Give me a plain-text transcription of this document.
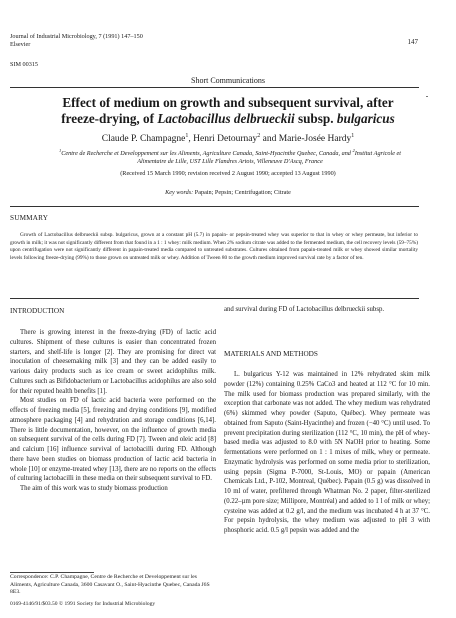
Journal of Industrial Microbiology, 7 (1991) 147–150
Elsevier	147
SIM 00315
Short Communications
Effect of medium on growth and subsequent survival, after
freeze-drying, of Lactobacillus delbrueckii subsp. bulgaricus
Claude P. Champagne$^1$, Henri Detournay$^2$ and Marie-Josée Hardy$^1$
$^1$Centre de Recherche et Developpement sur les Aliments, Agriculture Canada, Saint-Hyacinthe Quebec, Canada, and $^2$Institut Agricole et
Alimentaire de Lille, UST Lille Flandres Artois, Villeneuve D'Ascq, France
(Received 15 March 1990; revision received 2 August 1990; accepted 13 August 1990)
Key words: Papain; Pepsin; Centrifugation; Citrate
SUMMARY
Growth of Lactobacillus delbrueckii subsp. bulgaricus, grown at a constant pH (5.7) in papain- or pepsin-treated whey was superior to that in whey or whey permeate, but inferior to growth in milk; it was not significantly different from that found in a 1 : 1 whey: milk medium. When 2% sodium citrate was added to the fermented medium, the cell recovery levels (59–75%) upon centrifugation were not significantly different in papain-treated media compared to untreated substrates. Cultures obtained from papain-treated milk or whey showed similar mortality levels following freeze-drying (99%) to those grown on untreated milk or whey. Addition of Tween 80 to the growth medium improved survival rate by a factor of ten.
INTRODUCTION

There is growing interest in the freeze-drying (FD) of lactic acid cultures. Shipment of these cultures is easier than concentrated frozen starters, and shelf-life is longer [2]. They are promising for direct vat inoculation of cheesemaking milk [3] and they can be added easily to various dairy products such as ice cream or sweet acidophilus milk. Cultures such as Bifidobacterium or Lactobacillus acidophilus are also sold for their reputed health benefits [1].

Most studies on FD of lactic acid bacteria were performed on the effects of freezing media [5], freezing and drying conditions [9], modified atmosphere packaging [4] and rehydration and storage conditions [6,14]. There is little documentation, however, on the influence of growth media on subsequent survival of the cells during FD [7]. Tween and oleic acid [8] and calcium [16] influence survival of lactobacilli during FD. Although there have been studies on biomass production of lactic acid bacteria in whole [10] or enzyme-treated whey [13], there are no reports on the effects of culturing lactobacilli in these media on their subsequent survival to FD.

The aim of this work was to study biomass production

and survival during FD of Lactobacillus delbrueckii subsp.

MATERIALS AND METHODS

L. bulgaricus Y-12 was maintained in 12% rehydrated skim milk powder (12%) containing 0.25% CaCo3 and heated at 112 °C for 10 min. The milk used for biomass production was prepared similarly, with the exception that carbonate was not added. The whey medium was rehydrated (6%) skimmed whey powder (Saputo, Québec). Whey permeate was obtained from Saputo (Saint-Hyacinthe) and frozen (−40 °C) until used. To prevent precipitation during sterilization (112 °C, 10 min), the pH of whey-based media was adjusted to 8.0 with 5N NaOH prior to heating. Some fermentations were performed on 1 : 1 mixes of milk, whey or permeate. Enzymatic hydrolysis was performed on some media prior to sterilization, using pepsin (Sigma P-7000, St-Louis, MO) or papain (American Chemicals Ltd., P-102, Montreal, Québec). Papain (0.5 g) was dissolved in 10 ml of water, prefiltered through Whatman No. 2 paper, filter-sterilized (0.22–µm pore size; Millipore, Montréal) and added to 1 l of milk or whey; cysteine was added at 0.2 g/l, and the medium was incubated 4 h at 37 °C. For pepsin hydrolysis, the whey medium was adjusted to pH 3 with phosphoric acid. 0.5 g/l pepsin was added and the

Correspondence: C.P. Champagne, Centre de Recherche et Developpement sur les Aliments, Agriculture Canada, 3600 Casavant O., Saint-Hyacinthe Quebec, Canada J6S 8E3.
0169-4146/91/$03.50 © 1991 Society for Industrial Microbiology
